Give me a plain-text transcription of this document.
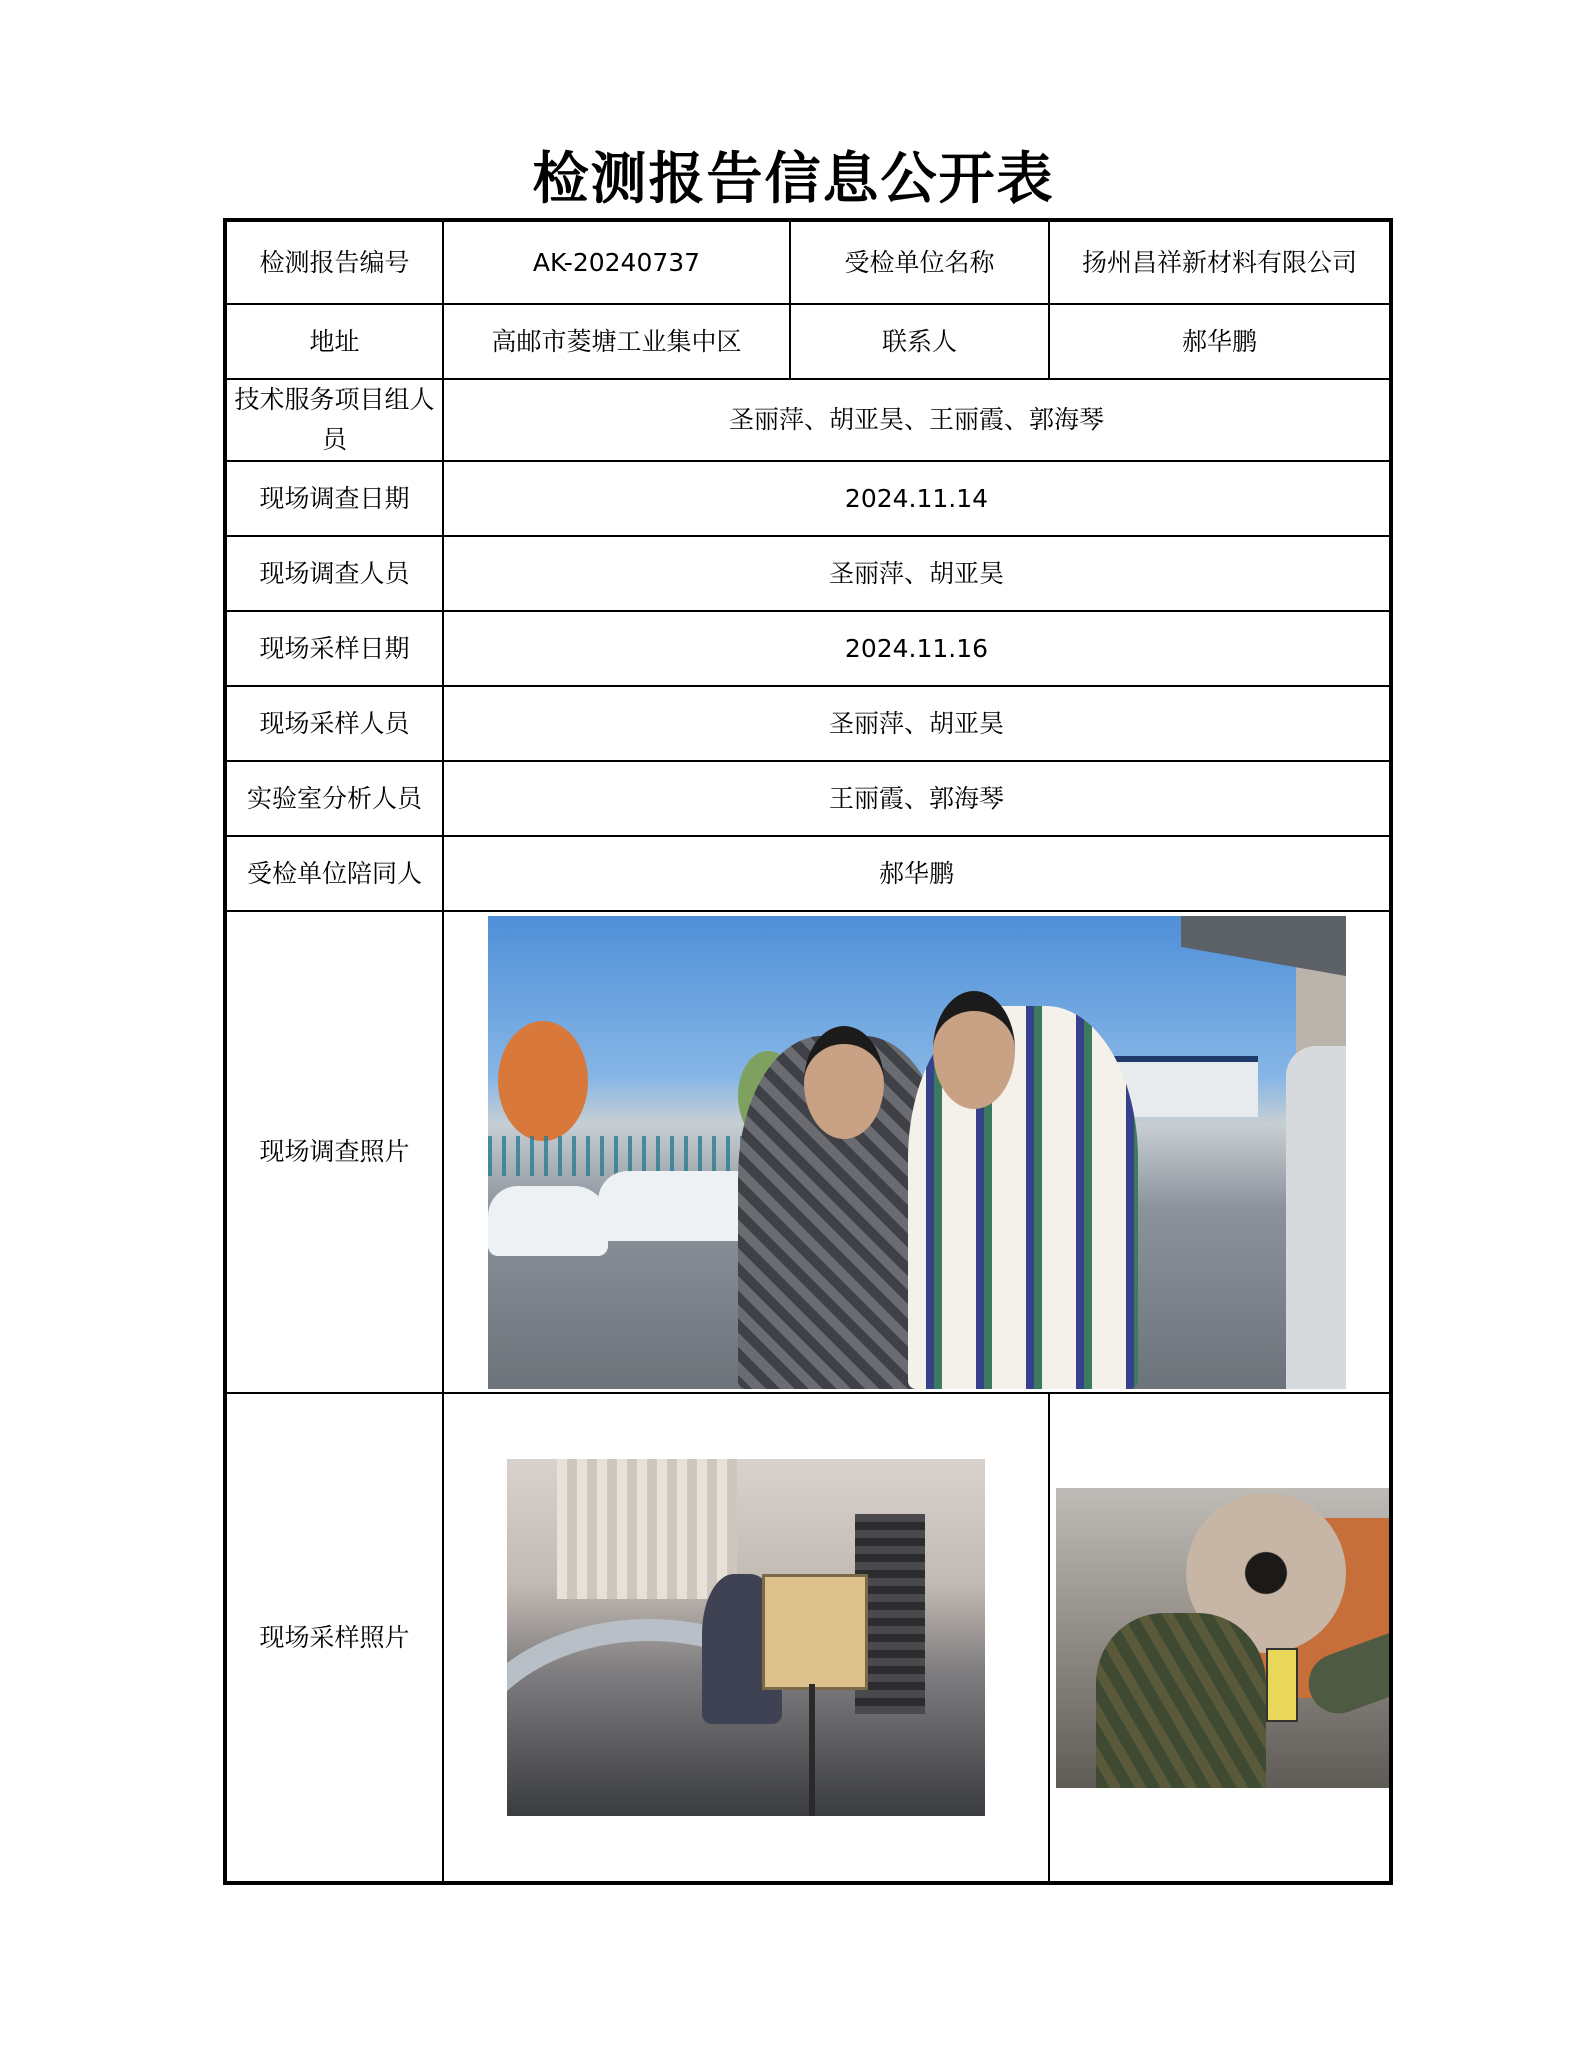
检测报告信息公开表
检测报告编号	AK-20240737	受检单位名称	扬州昌祥新材料有限公司
地址	高邮市菱塘工业集中区	联系人	郝华鹏
技术服务项目组人员	圣丽萍、胡亚昊、王丽霞、郭海琴		
现场调查日期	2024.11.14		
现场调查人员	圣丽萍、胡亚昊		
现场采样日期	2024.11.16		
现场采样人员	圣丽萍、胡亚昊		
实验室分析人员	王丽霞、郭海琴		
受检单位陪同人	郝华鹏		
现场调查照片			

现场采样照片		
